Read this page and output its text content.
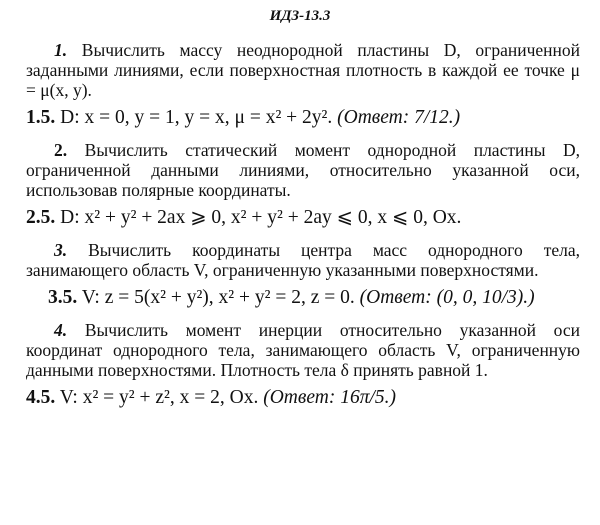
ИДЗ-13.3
1. Вычислить массу неоднородной пластины D, ограниченной заданными линиями, если поверхностная плотность в каждой ее точке μ = μ(x, y).
1.5. D: x = 0, y = 1, y = x, μ = x² + 2y². (Ответ: 7/12.)
2. Вычислить статический момент однородной пластины D, ограниченной данными линиями, относительно указанной оси, использовав полярные координаты.
2.5. D: x² + y² + 2ax ⩾ 0, x² + y² + 2ay ⩽ 0, x ⩽ 0, Ox.
3. Вычислить координаты центра масс однородного тела, занимающего область V, ограниченную указанными поверхностями.
3.5. V: z = 5(x² + y²), x² + y² = 2, z = 0. (Ответ: (0, 0, 10/3).)
4. Вычислить момент инерции относительно указанной оси координат однородного тела, занимающего область V, ограниченную данными поверхностями. Плотность тела δ принять равной 1.
4.5. V: x² = y² + z², x = 2, Ox. (Ответ: 16π/5.)
